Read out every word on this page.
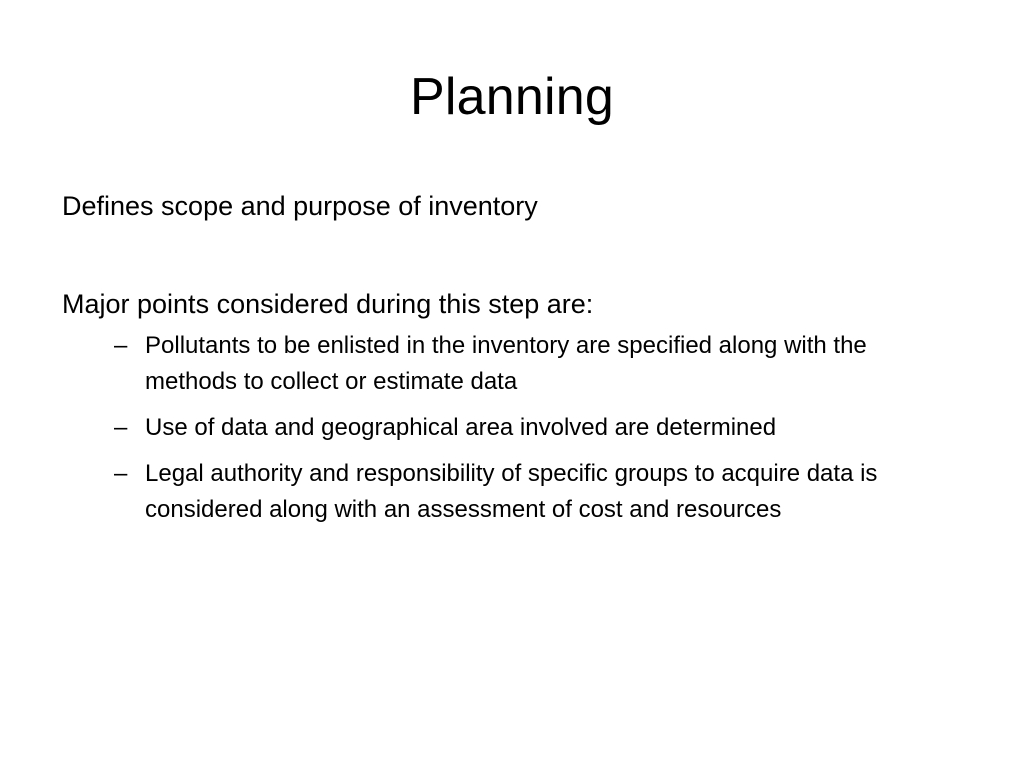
Planning

Defines scope and purpose of inventory

Major points considered during this step are:

– Pollutants to be enlisted in the inventory are specified along with the methods to collect or estimate data
– Use of data and geographical area involved are determined
– Legal authority and responsibility of specific groups to acquire data is considered along with an assessment of cost and resources
